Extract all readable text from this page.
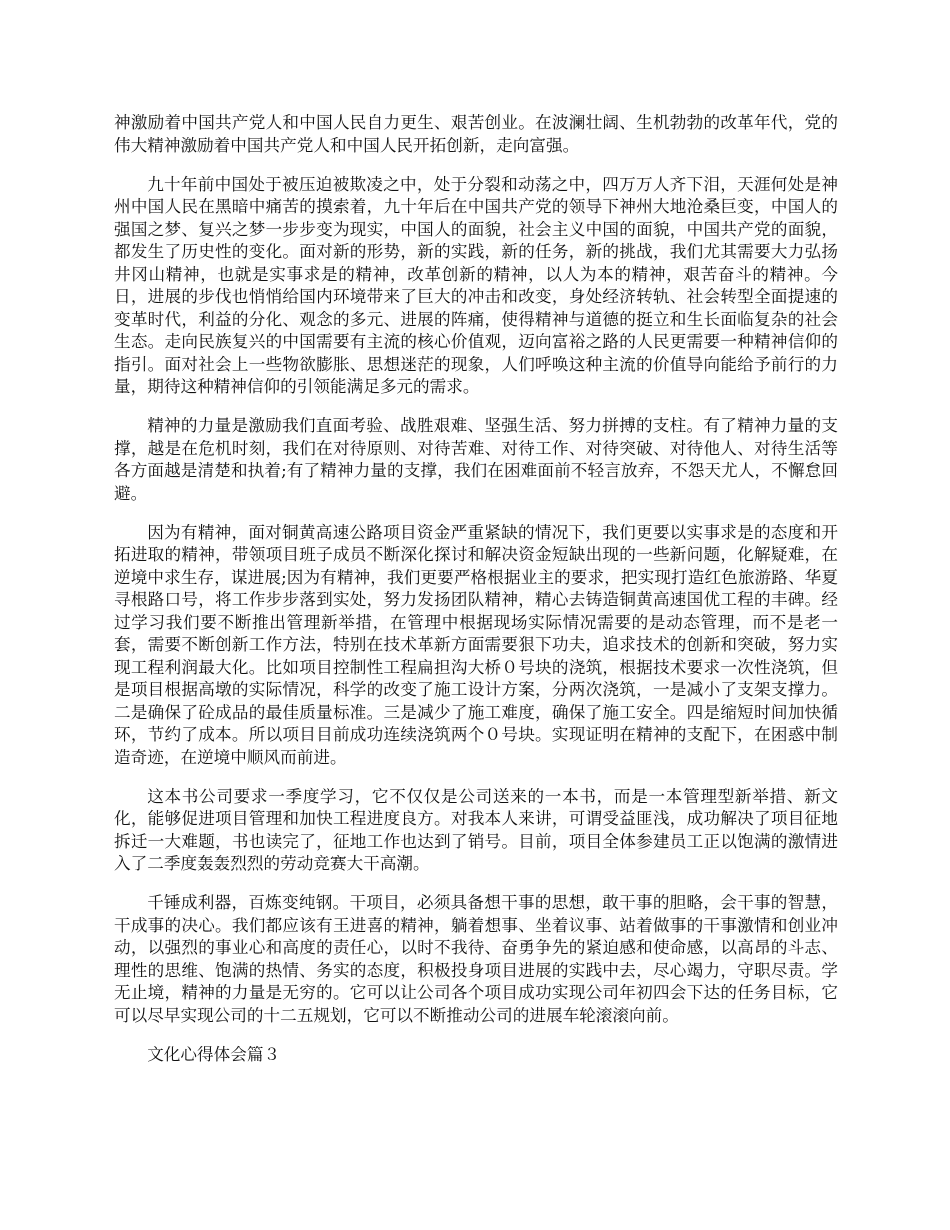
神激励着中国共产党人和中国人民自力更生、艰苦创业。在波澜壮阔、生机勃勃的改革年代，党的伟大精神激励着中国共产党人和中国人民开拓创新，走向富强。

九十年前中国处于被压迫被欺凌之中，处于分裂和动荡之中，四万万人齐下泪，天涯何处是神州中国人民在黑暗中痛苦的摸索着，九十年后在中国共产党的领导下神州大地沧桑巨变，中国人的强国之梦、复兴之梦一步步变为现实，中国人的面貌，社会主义中国的面貌，中国共产党的面貌，都发生了历史性的变化。面对新的形势，新的实践，新的任务，新的挑战，我们尤其需要大力弘扬井冈山精神，也就是实事求是的精神，改革创新的精神，以人为本的精神，艰苦奋斗的精神。今日，进展的步伐也悄悄给国内环境带来了巨大的冲击和改变，身处经济转轨、社会转型全面提速的变革时代，利益的分化、观念的多元、进展的阵痛，使得精神与道德的挺立和生长面临复杂的社会生态。走向民族复兴的中国需要有主流的核心价值观，迈向富裕之路的人民更需要一种精神信仰的指引。面对社会上一些物欲膨胀、思想迷茫的现象，人们呼唤这种主流的价值导向能给予前行的力量，期待这种精神信仰的引领能满足多元的需求。

精神的力量是激励我们直面考验、战胜艰难、坚强生活、努力拼搏的支柱。有了精神力量的支撑，越是在危机时刻，我们在对待原则、对待苦难、对待工作、对待突破、对待他人、对待生活等各方面越是清楚和执着;有了精神力量的支撑，我们在困难面前不轻言放弃，不怨天尤人，不懈怠回避。

因为有精神，面对铜黄高速公路项目资金严重紧缺的情况下，我们更要以实事求是的态度和开拓进取的精神，带领项目班子成员不断深化探讨和解决资金短缺出现的一些新问题，化解疑难，在逆境中求生存，谋进展;因为有精神，我们更要严格根据业主的要求，把实现打造红色旅游路、华夏寻根路口号，将工作步步落到实处，努力发扬团队精神，精心去铸造铜黄高速国优工程的丰碑。经过学习我们要不断推出管理新举措，在管理中根据现场实际情况需要的是动态管理，而不是老一套，需要不断创新工作方法，特别在技术革新方面需要狠下功夫，追求技术的创新和突破，努力实现工程利润最大化。比如项目控制性工程扁担沟大桥０号块的浇筑，根据技术要求一次性浇筑，但是项目根据高墩的实际情况，科学的改变了施工设计方案，分两次浇筑，一是减小了支架支撑力。二是确保了砼成品的最佳质量标准。三是减少了施工难度，确保了施工安全。四是缩短时间加快循环，节约了成本。所以项目目前成功连续浇筑两个０号块。实现证明在精神的支配下，在困惑中制造奇迹，在逆境中顺风而前进。

这本书公司要求一季度学习，它不仅仅是公司送来的一本书，而是一本管理型新举措、新文化，能够促进项目管理和加快工程进度良方。对我本人来讲，可谓受益匪浅，成功解决了项目征地拆迁一大难题，书也读完了，征地工作也达到了销号。目前，项目全体参建员工正以饱满的激情进入了二季度轰轰烈烈的劳动竞赛大干高潮。

千锤成利器，百炼变纯钢。干项目，必须具备想干事的思想，敢干事的胆略，会干事的智慧，干成事的决心。我们都应该有王进喜的精神，躺着想事、坐着议事、站着做事的干事激情和创业冲动，以强烈的事业心和高度的责任心，以时不我待、奋勇争先的紧迫感和使命感，以高昂的斗志、理性的思维、饱满的热情、务实的态度，积极投身项目进展的实践中去，尽心竭力，守职尽责。学无止境，精神的力量是无穷的。它可以让公司各个项目成功实现公司年初四会下达的任务目标，它可以尽早实现公司的十二五规划，它可以不断推动公司的进展车轮滚滚向前。

文化心得体会篇３
